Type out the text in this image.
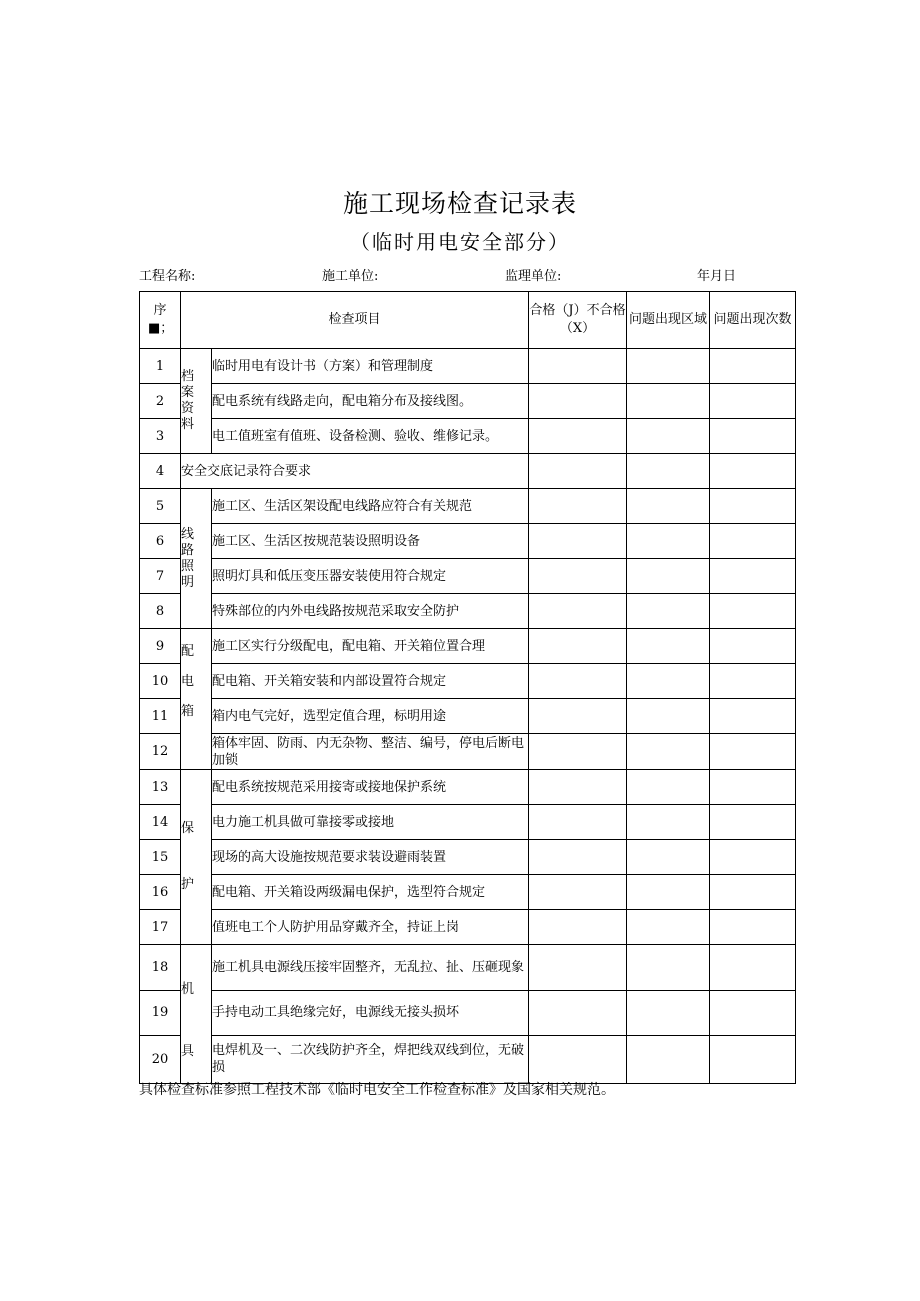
施工现场检查记录表
（临时用电安全部分）
工程名称:	施工单位:	监理单位:	年月日
序■；	检查项目		合格（J）不合格（X）	问题出现区域	问题出现次数
1	档案资料	临时用电有设计书（方案）和管理制度			
2		配电系统有线路走向，配电箱分布及接线图。			
3		电工值班室有值班、设备检测、验收、维修记录。			
4	安全交底记录符合要求				
5	线路照明	施工区、生活区架设配电线路应符合有关规范			
6		施工区、生活区按规范装设照明设备			
7		照明灯具和低压变压器安装使用符合规定			
8		特殊部位的内外电线路按规范采取安全防护			
9	配电箱	施工区实行分级配电，配电箱、开关箱位置合理			
10		配电箱、开关箱安装和内部设置符合规定			
11		箱内电气完好，选型定值合理，标明用途			
12		箱体牢固、防雨、内无杂物、整洁、编号，停电后断电加锁			
13	保护	配电系统按规范采用接寄或接地保护系统			
14		电力施工机具做可靠接零或接地			
15		现场的高大设施按规范要求装设避雨装置			
16		配电箱、开关箱设两级漏电保护，选型符合规定			
17		值班电工个人防护用品穿戴齐全，持证上岗			
18	机具	施工机具电源线压接牢固整齐，无乱拉、扯、压砸现象			
19		手持电动工具绝缘完好，电源线无接头损坏			
20		电焊机及一、二次线防护齐全，焊把线双线到位，无破损			
具体检查标准参照工程技术部《临时电安全工作检查标准》及国家相关规范。
